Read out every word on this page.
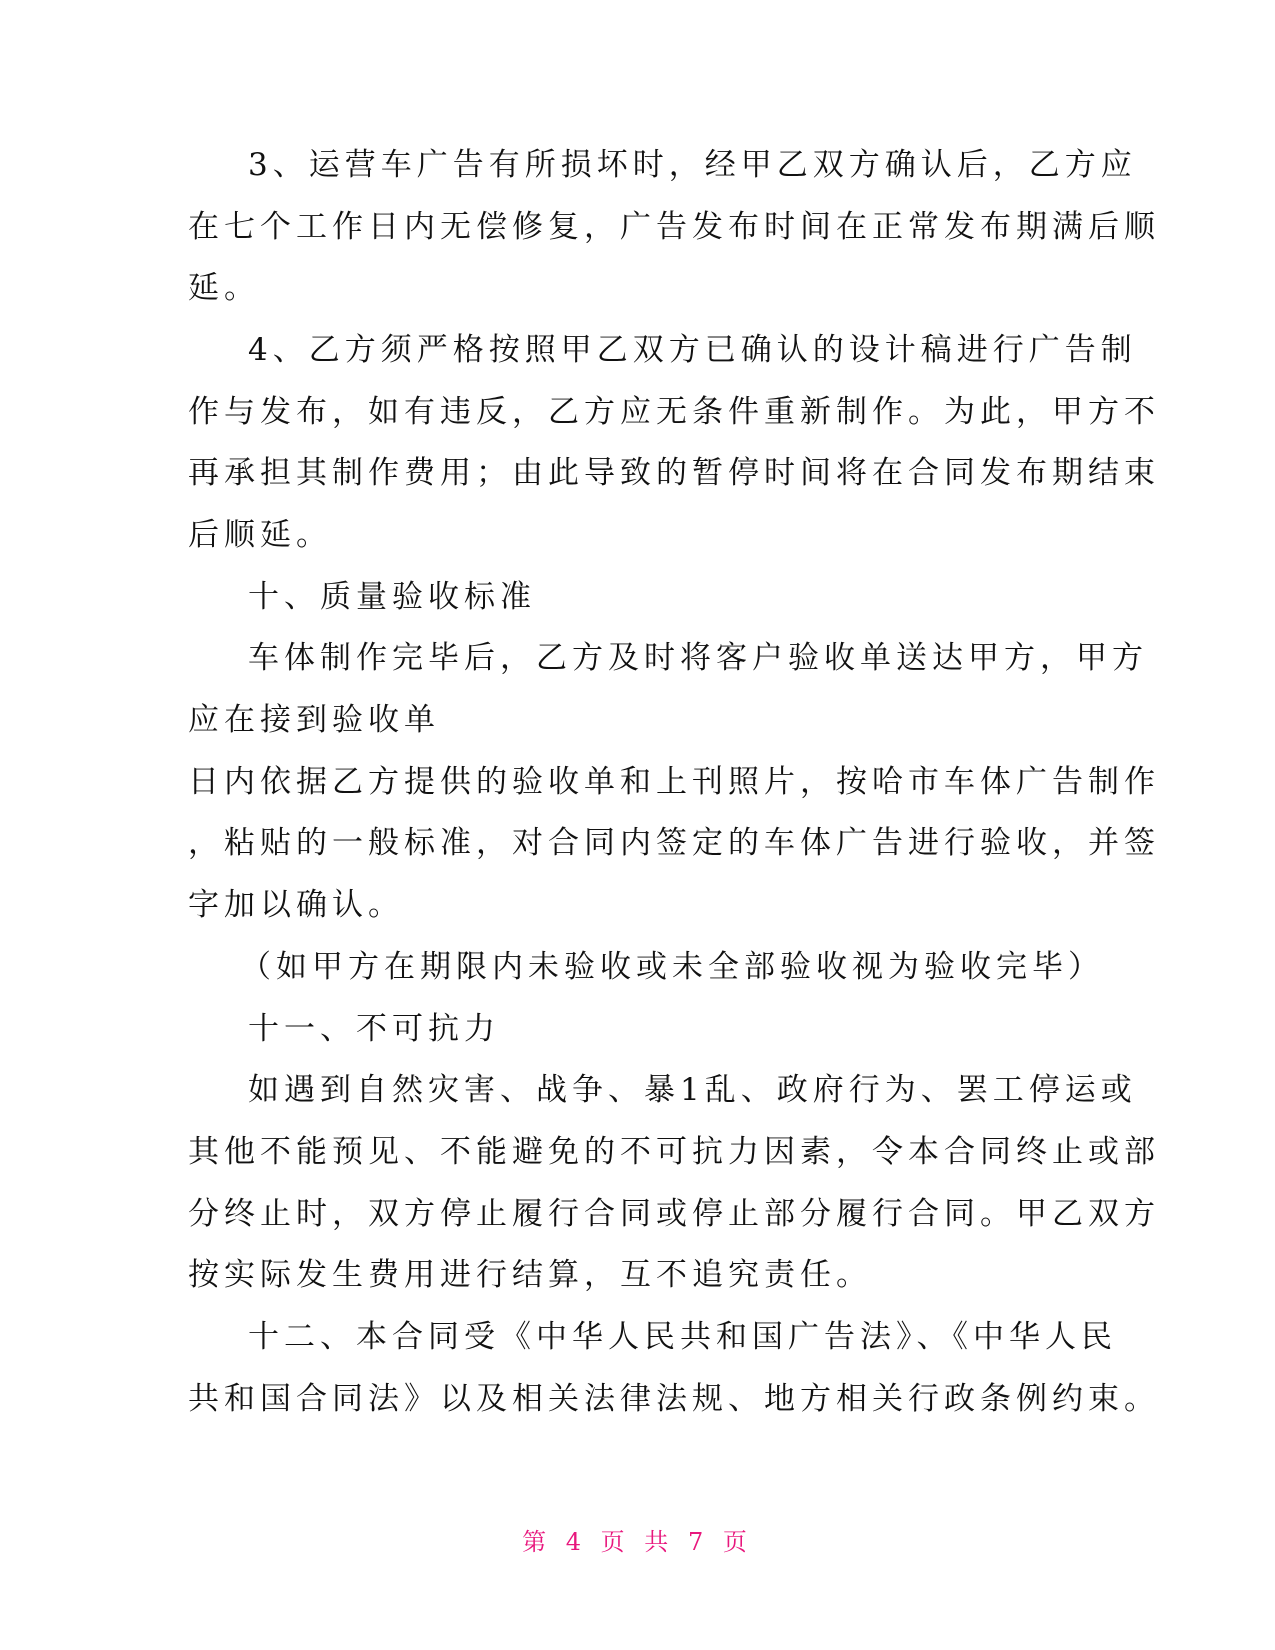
3、运营车广告有所损坏时，经甲乙双方确认后，乙方应
在七个工作日内无偿修复，广告发布时间在正常发布期满后顺
延。
4、乙方须严格按照甲乙双方已确认的设计稿进行广告制
作与发布，如有违反，乙方应无条件重新制作。为此，甲方不
再承担其制作费用；由此导致的暂停时间将在合同发布期结束
后顺延。
十、质量验收标准
车体制作完毕后，乙方及时将客户验收单送达甲方，甲方
应在接到验收单
日内依据乙方提供的验收单和上刊照片，按哈市车体广告制作
，粘贴的一般标准，对合同内签定的车体广告进行验收，并签
字加以确认。
（如甲方在期限内未验收或未全部验收视为验收完毕）
十一、不可抗力
如遇到自然灾害、战争、暴1乱、政府行为、罢工停运或
其他不能预见、不能避免的不可抗力因素，令本合同终止或部
分终止时，双方停止履行合同或停止部分履行合同。甲乙双方
按实际发生费用进行结算，互不追究责任。
十二、本合同受《中华人民共和国广告法》、《中华人民
共和国合同法》以及相关法律法规、地方相关行政条例约束。
第 4 页 共 7 页
